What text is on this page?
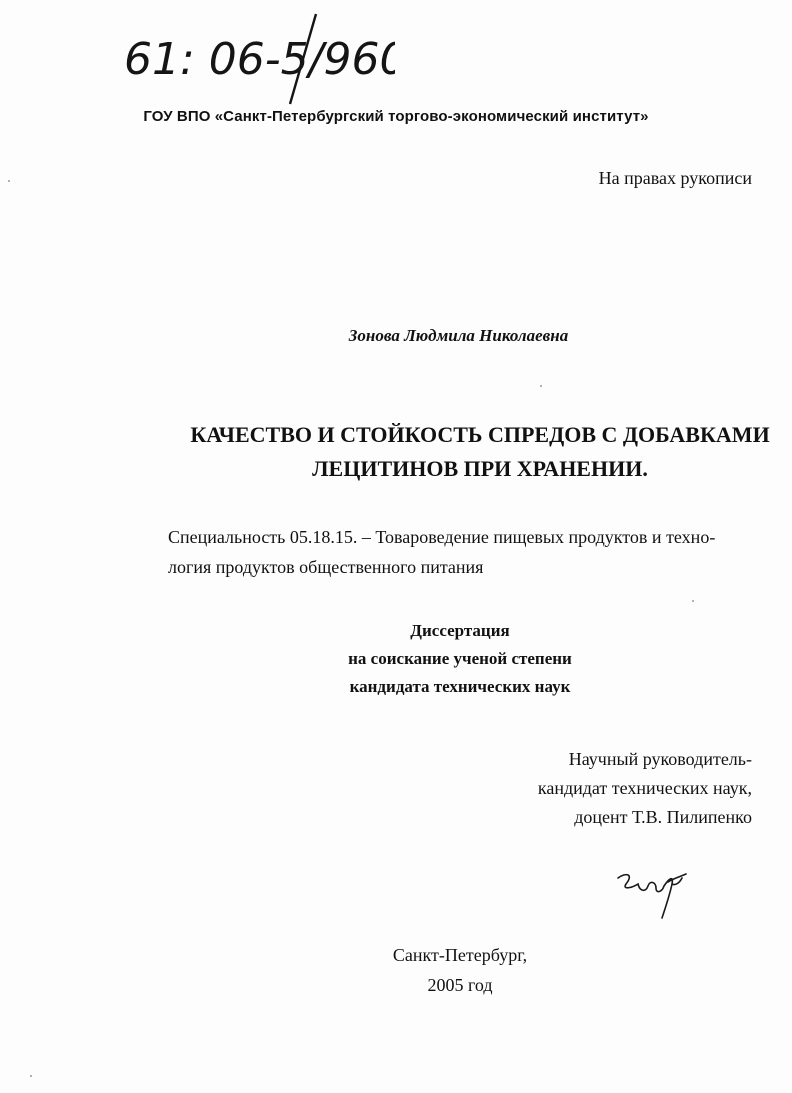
61: 06-5/960
ГОУ ВПО «Санкт-Петербургский торгово-экономический институт»
На правах рукописи
Зонова Людмила Николаевна
КАЧЕСТВО И СТОЙКОСТЬ СПРЕДОВ С ДОБАВКАМИ
ЛЕЦИТИНОВ ПРИ ХРАНЕНИИ.
Специальность 05.18.15. – Товароведение пищевых продуктов и техно-
логия продуктов общественного питания
Диссертация
на соискание ученой степени
кандидата технических наук
Научный руководитель-
кандидат технических наук,
доцент Т.В. Пилипенко
Санкт-Петербург,
2005 год
